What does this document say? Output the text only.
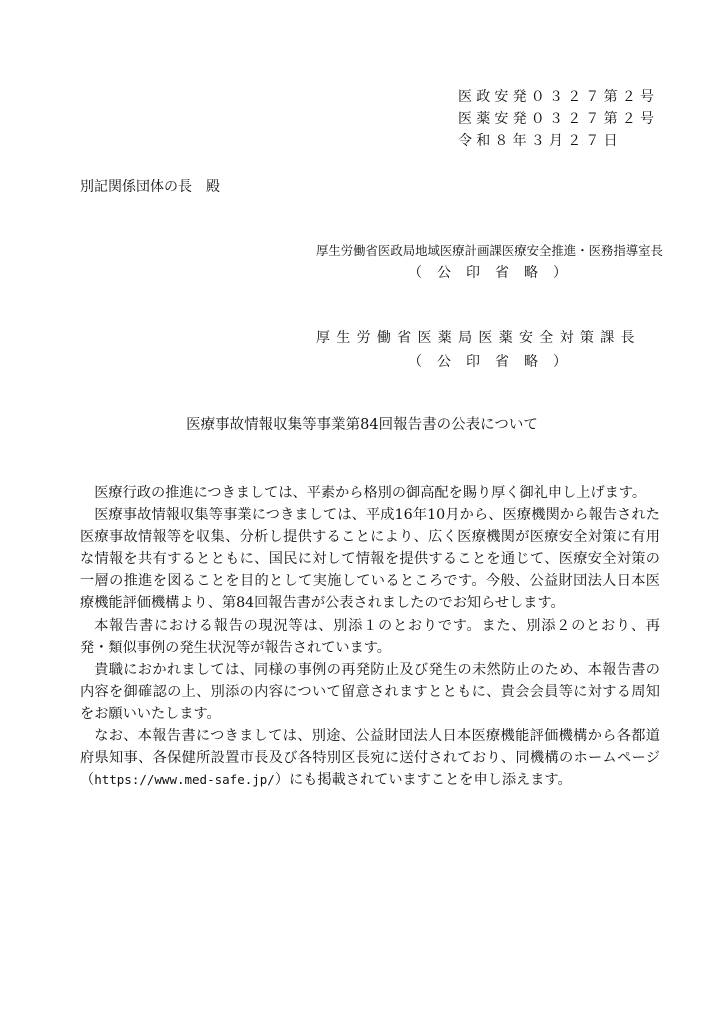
医政安発０３２７第２号
医薬安発０３２７第２号
令和８年３月２７日
別記関係団体の長　殿
厚生労働省医政局地域医療計画課医療安全推進・医務指導室長
（公印省略）
厚生労働省医薬局医薬安全対策課長
（公印省略）
医療事故情報収集等事業第84回報告書の公表について

医療行政の推進につきましては、平素から格別の御高配を賜り厚く御礼申し上げます。

医療事故情報収集等事業につきましては、平成16年10月から、医療機関から報告された医療事故情報等を収集、分析し提供することにより、広く医療機関が医療安全対策に有用な情報を共有するとともに、国民に対して情報を提供することを通じて、医療安全対策の一層の推進を図ることを目的として実施しているところです。今般、公益財団法人日本医療機能評価機構より、第84回報告書が公表されましたのでお知らせします。

本報告書における報告の現況等は、別添１のとおりです。また、別添２のとおり、再発・類似事例の発生状況等が報告されています。

貴職におかれましては、同様の事例の再発防止及び発生の未然防止のため、本報告書の内容を御確認の上、別添の内容について留意されますとともに、貴会会員等に対する周知をお願いいたします。

なお、本報告書につきましては、別途、公益財団法人日本医療機能評価機構から各都道府県知事、各保健所設置市長及び各特別区長宛に送付されており、同機構のホームページ（https://www.med-safe.jp/）にも掲載されていますことを申し添えます。
